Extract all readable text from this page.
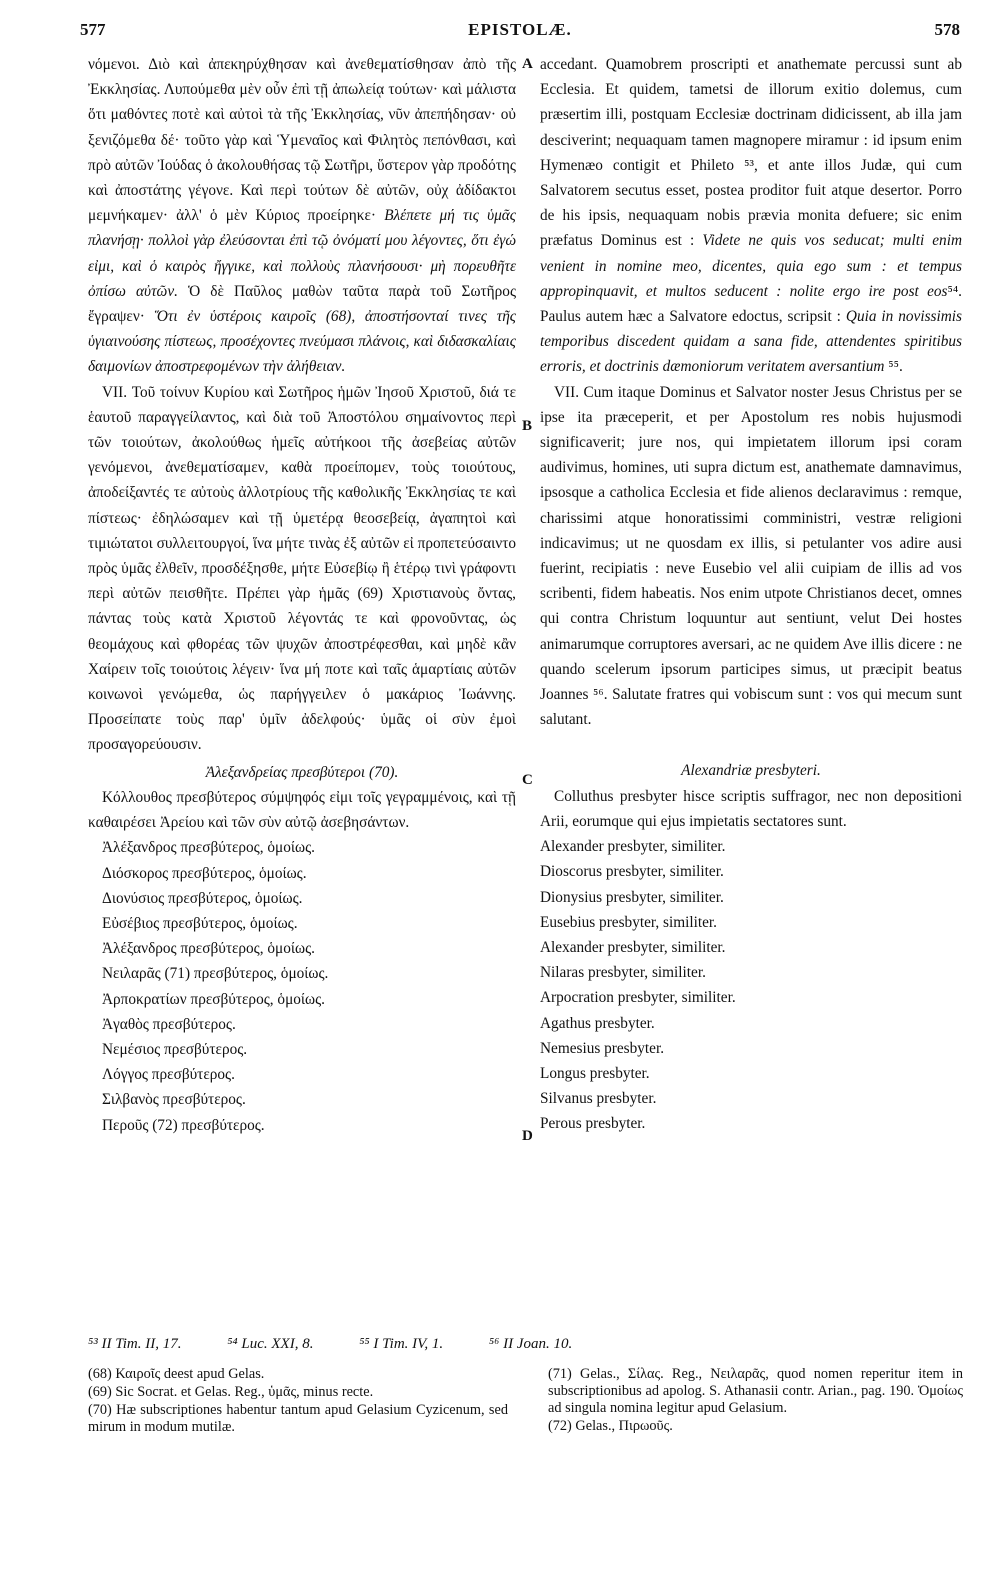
577	EPISTOLÆ.	578
A
B
C
D

νόμενοι. Διὸ καὶ ἀπεκηρύχθησαν καὶ ἀνεθεματίσθησαν ἀπὸ τῆς Ἐκκλησίας. Λυπούμεθα μὲν οὖν ἐπὶ τῇ ἀπωλείᾳ τούτων· καὶ μάλιστα ὅτι μαθόντες ποτὲ καὶ αὐτοὶ τὰ τῆς Ἐκκλησίας, νῦν ἀπεπήδησαν· οὐ ξενιζόμεθα δέ· τοῦτο γὰρ καὶ Ὑμεναῖος καὶ Φιλητὸς πεπόνθασι, καὶ πρὸ αὐτῶν Ἰούδας ὁ ἀκολουθήσας τῷ Σωτῆρι, ὕστερον γὰρ προδότης καὶ ἀποστάτης γέγονε. Καὶ περὶ τούτων δὲ αὐτῶν, οὐχ ἀδίδακτοι μεμνήκαμεν· ἀλλ' ὁ μὲν Κύριος προείρηκε· Βλέπετε μή τις ὑμᾶς πλανήσῃ· πολλοὶ γὰρ ἐλεύσονται ἐπὶ τῷ ὀνόματί μου λέγοντες, ὅτι ἐγώ εἰμι, καὶ ὁ καιρὸς ἤγγικε, καὶ πολλοὺς πλανήσουσι· μὴ πορευθῆτε ὀπίσω αὐτῶν. Ὁ δὲ Παῦλος μαθὼν ταῦτα παρὰ τοῦ Σωτῆρος ἔγραψεν· Ὅτι ἐν ὑστέροις καιροῖς (68), ἀποστήσονταί τινες τῆς ὑγιαινούσης πίστεως, προσέχοντες πνεύμασι πλάνοις, καὶ διδασκαλίαις δαιμονίων ἀποστρεφομένων τὴν ἀλήθειαν.

VII. Τοῦ τοίνυν Κυρίου καὶ Σωτῆρος ἡμῶν Ἰησοῦ Χριστοῦ, διά τε ἑαυτοῦ παραγγείλαντος, καὶ διὰ τοῦ Ἀποστόλου σημαίνοντος περὶ τῶν τοιούτων, ἀκολούθως ἡμεῖς αὐτήκοοι τῆς ἀσεβείας αὐτῶν γενόμενοι, ἀνεθεματίσαμεν, καθὰ προείπομεν, τοὺς τοιούτους, ἀποδείξαντές τε αὐτοὺς ἀλλοτρίους τῆς καθολικῆς Ἐκκλησίας τε καὶ πίστεως· ἐδηλώσαμεν καὶ τῇ ὑμετέρᾳ θεοσεβείᾳ, ἀγαπητοὶ καὶ τιμιώτατοι συλλειτουργοί, ἵνα μήτε τινὰς ἐξ αὐτῶν εἰ προπετεύσαιντο πρὸς ὑμᾶς ἐλθεῖν, προσδέξησθε, μήτε Εὐσεβίῳ ἢ ἑτέρῳ τινὶ γράφοντι περὶ αὐτῶν πεισθῆτε. Πρέπει γὰρ ἡμᾶς (69) Χριστιανοὺς ὄντας, πάντας τοὺς κατὰ Χριστοῦ λέγοντάς τε καὶ φρονοῦντας, ὡς θεομάχους καὶ φθορέας τῶν ψυχῶν ἀποστρέφεσθαι, καὶ μηδὲ κἂν Χαίρειν τοῖς τοιούτοις λέγειν· ἵνα μή ποτε καὶ ταῖς ἁμαρτίαις αὐτῶν κοινωνοὶ γενώμεθα, ὡς παρήγγειλεν ὁ μακάριος Ἰωάννης. Προσείπατε τοὺς παρ' ὑμῖν ἀδελφούς· ὑμᾶς οἱ σὺν ἐμοὶ προσαγορεύουσιν.

Ἀλεξανδρείας πρεσβύτεροι (70).

Κόλλουθος πρεσβύτερος σύμψηφός εἰμι τοῖς γεγραμμένοις, καὶ τῇ καθαιρέσει Ἀρείου καὶ τῶν σὺν αὐτῷ ἀσεβησάντων.

Ἀλέξανδρος πρεσβύτερος, ὁμοίως.

Διόσκορος πρεσβύτερος, ὁμοίως.

Διονύσιος πρεσβύτερος, ὁμοίως.

Εὐσέβιος πρεσβύτερος, ὁμοίως.

Ἀλέξανδρος πρεσβύτερος, ὁμοίως.

Νειλαρᾶς (71) πρεσβύτερος, ὁμοίως.

Ἀρποκρατίων πρεσβύτερος, ὁμοίως.

Ἀγαθὸς πρεσβύτερος.

Νεμέσιος πρεσβύτερος.

Λόγγος πρεσβύτερος.

Σιλβανὸς πρεσβύτερος.

Περοῦς (72) πρεσβύτερος.

accedant. Quamobrem proscripti et anathemate percussi sunt ab Ecclesia. Et quidem, tametsi de illorum exitio dolemus, cum præsertim illi, postquam Ecclesiæ doctrinam didicissent, ab illa jam desciverint; nequaquam tamen magnopere miramur : id ipsum enim Hymenæo contigit et Phileto ⁵³, et ante illos Judæ, qui cum Salvatorem secutus esset, postea proditor fuit atque desertor. Porro de his ipsis, nequaquam nobis prævia monita defuere; sic enim præfatus Dominus est : Videte ne quis vos seducat; multi enim venient in nomine meo, dicentes, quia ego sum : et tempus appropinquavit, et multos seducent : nolite ergo ire post eos⁵⁴. Paulus autem hæc a Salvatore edoctus, scripsit : Quia in novissimis temporibus discedent quidam a sana fide, attendentes spiritibus erroris, et doctrinis dæmoniorum veritatem aversantium ⁵⁵.

VII. Cum itaque Dominus et Salvator noster Jesus Christus per se ipse ita præceperit, et per Apostolum res nobis hujusmodi significaverit; jure nos, qui impietatem illorum ipsi coram audivimus, homines, uti supra dictum est, anathemate damnavimus, ipsosque a catholica Ecclesia et fide alienos declaravimus : remque, charissimi atque honoratissimi comministri, vestræ religioni indicavimus; ut ne quosdam ex illis, si petulanter vos adire ausi fuerint, recipiatis : neve Eusebio vel alii cuipiam de illis ad vos scribenti, fidem habeatis. Nos enim utpote Christianos decet, omnes qui contra Christum loquuntur aut sentiunt, velut Dei hostes animarumque corruptores aversari, ac ne quidem Ave illis dicere : ne quando scelerum ipsorum participes simus, ut præcipit beatus Joannes ⁵⁶. Salutate fratres qui vobiscum sunt : vos qui mecum sunt salutant.

Alexandriæ presbyteri.

Colluthus presbyter hisce scriptis suffragor, nec non depositioni Arii, eorumque qui ejus impietatis sectatores sunt.

Alexander presbyter, similiter.

Dioscorus presbyter, similiter.

Dionysius presbyter, similiter.

Eusebius presbyter, similiter.

Alexander presbyter, similiter.

Nilaras presbyter, similiter.

Arpocration presbyter, similiter.

Agathus presbyter.

Nemesius presbyter.

Longus presbyter.

Silvanus presbyter.

Perous presbyter.

⁵³ II Tim. II, 17.	⁵⁴ Luc. XXI, 8.	⁵⁵ I Tim. IV, 1.	⁵⁶ II Joan. 10.

(68) Καιροῖς deest apud Gelas.

(69) Sic Socrat. et Gelas. Reg., ὑμᾶς, minus recte.

(70) Hæ subscriptiones habentur tantum apud Gelasium Cyzicenum, sed mirum in modum mutilæ.

(71) Gelas., Σίλας. Reg., Νειλαρᾶς, quod nomen reperitur item in subscriptionibus ad apolog. S. Athanasii contr. Arian., pag. 190. Ὁμοίως ad singula nomina legitur apud Gelasium.

(72) Gelas., Πιρωοῦς.
